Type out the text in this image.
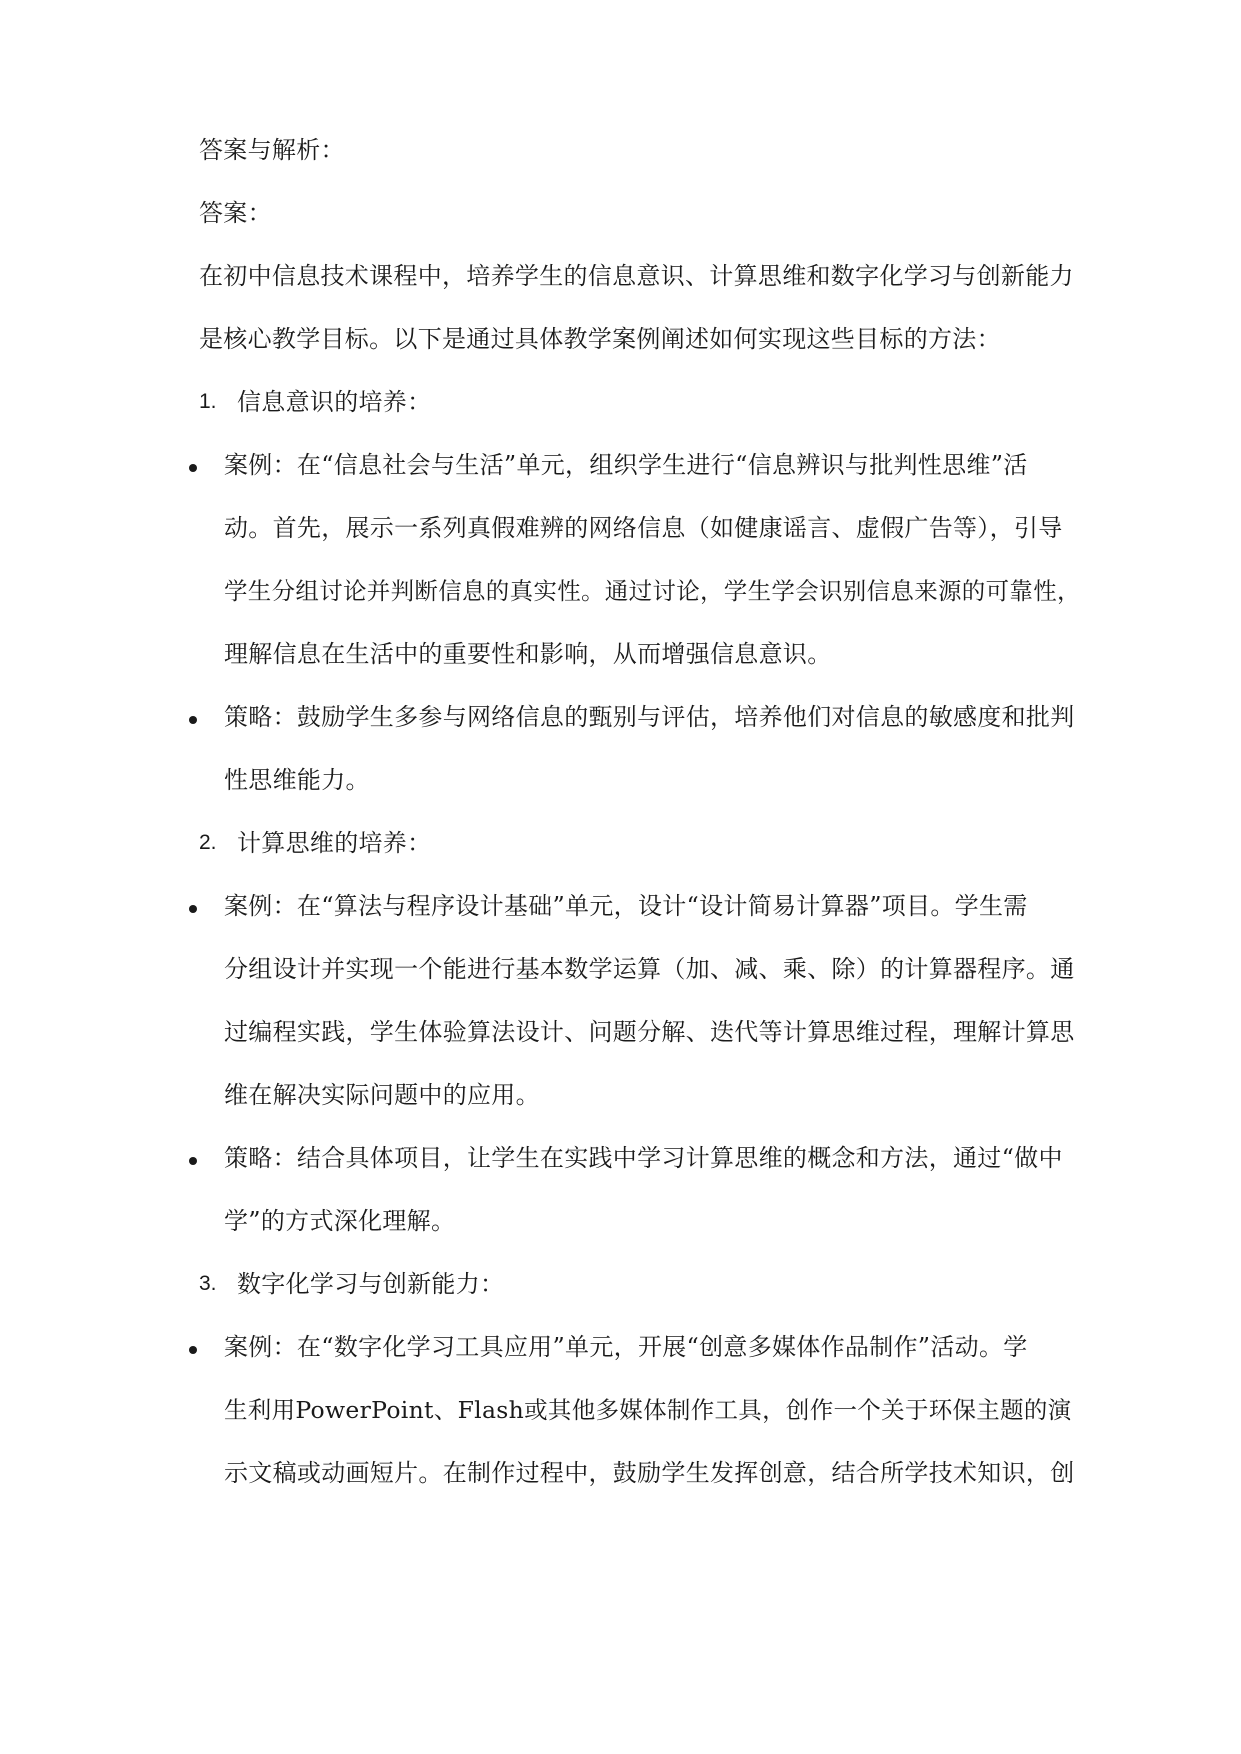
答案与解析：
答案：
在初中信息技术课程中，培养学生的信息意识、计算思维和数字化学习与创新能力
是核心教学目标。以下是通过具体教学案例阐述如何实现这些目标的方法：
1. 信息意识的培养：
案例：在“信息社会与生活”单元，组织学生进行“信息辨识与批判性思维”活
动。首先，展示一系列真假难辨的网络信息（如健康谣言、虚假广告等），引导
学生分组讨论并判断信息的真实性。通过讨论，学生学会识别信息来源的可靠性，
理解信息在生活中的重要性和影响，从而增强信息意识。
策略：鼓励学生多参与网络信息的甄别与评估，培养他们对信息的敏感度和批判
性思维能力。
2. 计算思维的培养：
案例：在“算法与程序设计基础”单元，设计“设计简易计算器”项目。学生需
分组设计并实现一个能进行基本数学运算（加、减、乘、除）的计算器程序。通
过编程实践，学生体验算法设计、问题分解、迭代等计算思维过程，理解计算思
维在解决实际问题中的应用。
策略：结合具体项目，让学生在实践中学习计算思维的概念和方法，通过“做中
学”的方式深化理解。
3. 数字化学习与创新能力：
案例：在“数字化学习工具应用”单元，开展“创意多媒体作品制作”活动。学
生利用PowerPoint、Flash或其他多媒体制作工具，创作一个关于环保主题的演
示文稿或动画短片。在制作过程中，鼓励学生发挥创意，结合所学技术知识，创
